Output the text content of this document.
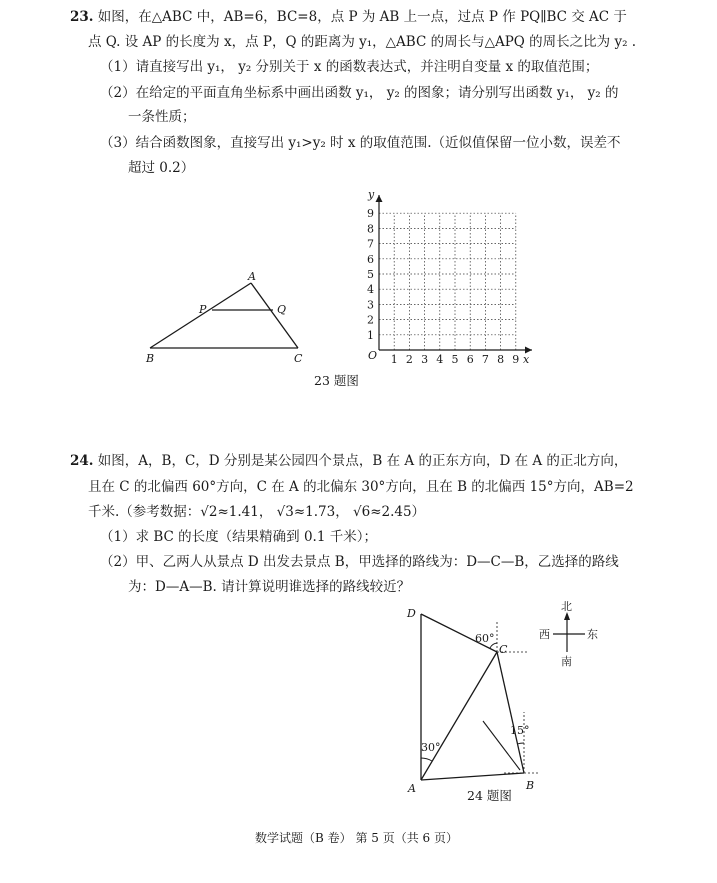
23. 如图，在△ABC 中，AB=6，BC=8，点 P 为 AB 上一点，过点 P 作 PQ∥BC 交 AC 于
点 Q. 设 AP 的长度为 x，点 P，Q 的距离为 y₁，△ABC 的周长与△APQ 的周长之比为 y₂ .
（1）请直接写出 y₁， y₂ 分别关于 x 的函数表达式，并注明自变量 x 的取值范围；
（2）在给定的平面直角坐标系中画出函数 y₁， y₂ 的图象；请分别写出函数 y₁， y₂ 的
一条性质；
（3）结合函数图象，直接写出 y₁>y₂ 时 x 的取值范围.（近似值保留一位小数，误差不
超过 0.2）
A
B	C
P	Q
1 2 3 4 5 6 7 8 9
1
2
3
4
5
6
7
8
9
O	x
y
D
C
A	B
60°
30°
15°
北
南
西	东
23 题图
24. 如图，A，B，C，D 分别是某公园四个景点，B 在 A 的正东方向，D 在 A 的正北方向，
且在 C 的北偏西 60°方向，C 在 A 的北偏东 30°方向，且在 B 的北偏西 15°方向，AB=2
千米.（参考数据：√2≈1.41， √3≈1.73， √6≈2.45）
（1）求 BC 的长度（结果精确到 0.1 千米）；
（2）甲、乙两人从景点 D 出发去景点 B，甲选择的路线为：D—C—B，乙选择的路线
为：D—A—B. 请计算说明谁选择的路线较近？
24 题图
数学试题（B 卷） 第 5 页（共 6 页）
